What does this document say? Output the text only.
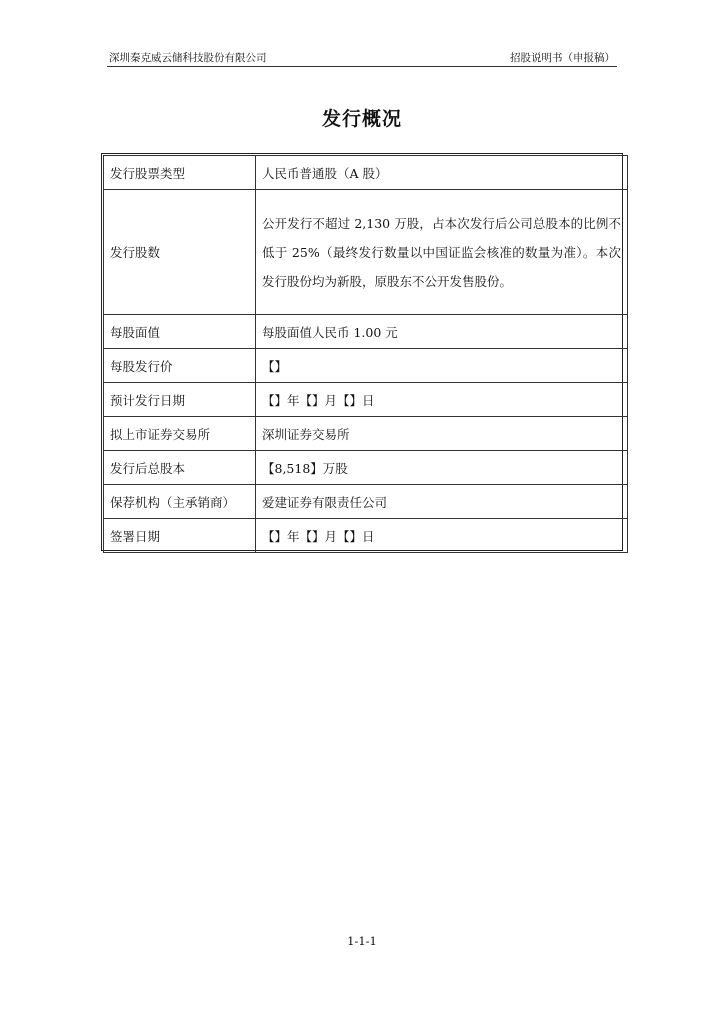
深圳秦克威云储科技股份有限公司	招股说明书（申报稿）
发行概况
发行股票类型	人民币普通股（A 股）
发行股数	公开发行不超过 2,130 万股，占本次发行后公司总股本的比例不低于 25%（最终发行数量以中国证监会核准的数量为准）。本次发行股份均为新股，原股东不公开发售股份。
每股面值	每股面值人民币 1.00 元
每股发行价	【】
预计发行日期	【】年【】月【】日
拟上市证券交易所	深圳证券交易所
发行后总股本	【8,518】万股
保荐机构（主承销商）	爱建证券有限责任公司
签署日期	【】年【】月【】日
1-1-1
